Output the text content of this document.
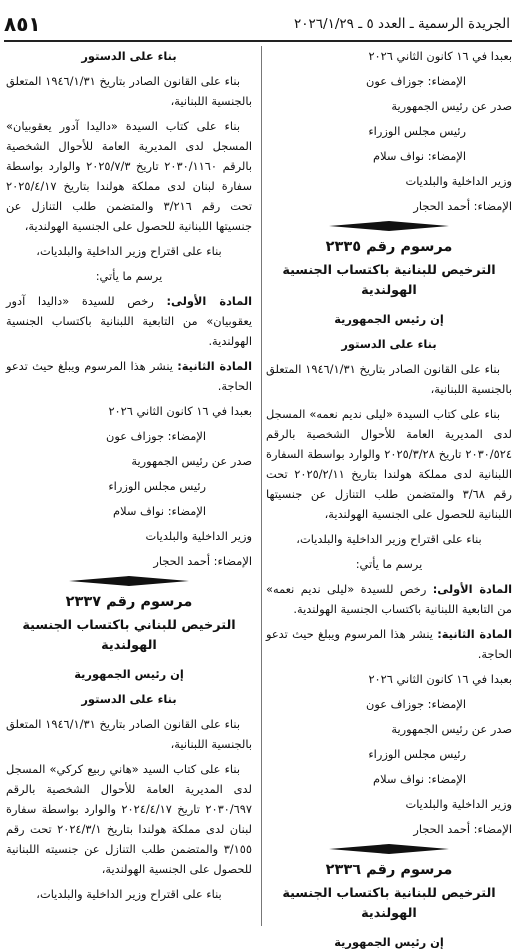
٨٥١	الجريدة الرسمية ـ العدد ٥ ـ ٢٠٢٦/١/٢٩

بعبدا في ١٦ كانون الثاني ٢٠٢٦

الإمضاء: جوزاف عون

صدر عن رئيس الجمهورية

رئيس مجلس الوزراء

الإمضاء: نواف سلام

وزير الداخلية والبلديات

الإمضاء: أحمد الحجار

مرسوم رقم ٢٣٣٥
الترخيص للبنانية باكتساب الجنسية الهولندية

إن رئيس الجمهورية

بناء على الدستور

بناء على القانون الصادر بتاريخ ١٩٤٦/١/٣١ المتعلق بالجنسية اللبنانية،

بناء على كتاب السيدة «ليلى نديم نعمه» المسجل لدى المديرية العامة للأحوال الشخصية بالرقم ٢٠٣٠/٥٢٤ تاريخ ٢٠٢٥/٣/٢٨ والوارد بواسطة السفارة اللبنانية لدى مملكة هولندا بتاريخ ٢٠٢٥/٢/١١ تحت رقم ٣/٦٨ والمتضمن طلب التنازل عن جنسيتها اللبنانية للحصول على الجنسية الهولندية،

بناء على اقتراح وزير الداخلية والبلديات،

يرسم ما يأتي:

المادة الأولى: رخص للسيدة «ليلى نديم نعمه» من التابعية اللبنانية باكتساب الجنسية الهولندية.

المادة الثانية: ينشر هذا المرسوم ويبلغ حيث تدعو الحاجة.

بعبدا في ١٦ كانون الثاني ٢٠٢٦

الإمضاء: جوزاف عون

صدر عن رئيس الجمهورية

رئيس مجلس الوزراء

الإمضاء: نواف سلام

وزير الداخلية والبلديات

الإمضاء: أحمد الحجار

مرسوم رقم ٢٣٣٦
الترخيص للبنانية باكتساب الجنسية الهولندية

إن رئيس الجمهورية

بناء على الدستور

بناء على القانون الصادر بتاريخ ١٩٤٦/١/٣١ المتعلق بالجنسية اللبنانية،

بناء على كتاب السيدة «داليدا آدور يعقوبيان» المسجل لدى المديرية العامة للأحوال الشخصية بالرقم ٢٠٣٠/١١٦٠ تاريخ ٢٠٢٥/٧/٣ والوارد بواسطة سفارة لبنان لدى مملكة هولندا بتاريخ ٢٠٢٥/٤/١٧ تحت رقم ٣/٢١٦ والمتضمن طلب التنازل عن جنسيتها اللبنانية للحصول على الجنسية الهولندية،

بناء على اقتراح وزير الداخلية والبلديات،

يرسم ما يأتي:

المادة الأولى: رخص للسيدة «داليدا آدور يعقوبيان» من التابعية اللبنانية باكتساب الجنسية الهولندية.

المادة الثانية: ينشر هذا المرسوم ويبلغ حيث تدعو الحاجة.

بعبدا في ١٦ كانون الثاني ٢٠٢٦

الإمضاء: جوزاف عون

صدر عن رئيس الجمهورية

رئيس مجلس الوزراء

الإمضاء: نواف سلام

وزير الداخلية والبلديات

الإمضاء: أحمد الحجار

مرسوم رقم ٢٣٣٧
الترخيص للبناني باكتساب الجنسية الهولندية

إن رئيس الجمهورية

بناء على الدستور

بناء على القانون الصادر بتاريخ ١٩٤٦/١/٣١ المتعلق بالجنسية اللبنانية،

بناء على كتاب السيد «هاني ربيع كركي» المسجل لدى المديرية العامة للأحوال الشخصية بالرقم ٢٠٣٠/٦٩٧ تاريخ ٢٠٢٤/٤/١٧ والوارد بواسطة سفارة لبنان لدى مملكة هولندا بتاريخ ٢٠٢٤/٣/١ تحت رقم ٣/١٥٥ والمتضمن طلب التنازل عن جنسيته اللبنانية للحصول على الجنسية الهولندية،

بناء على اقتراح وزير الداخلية والبلديات،
